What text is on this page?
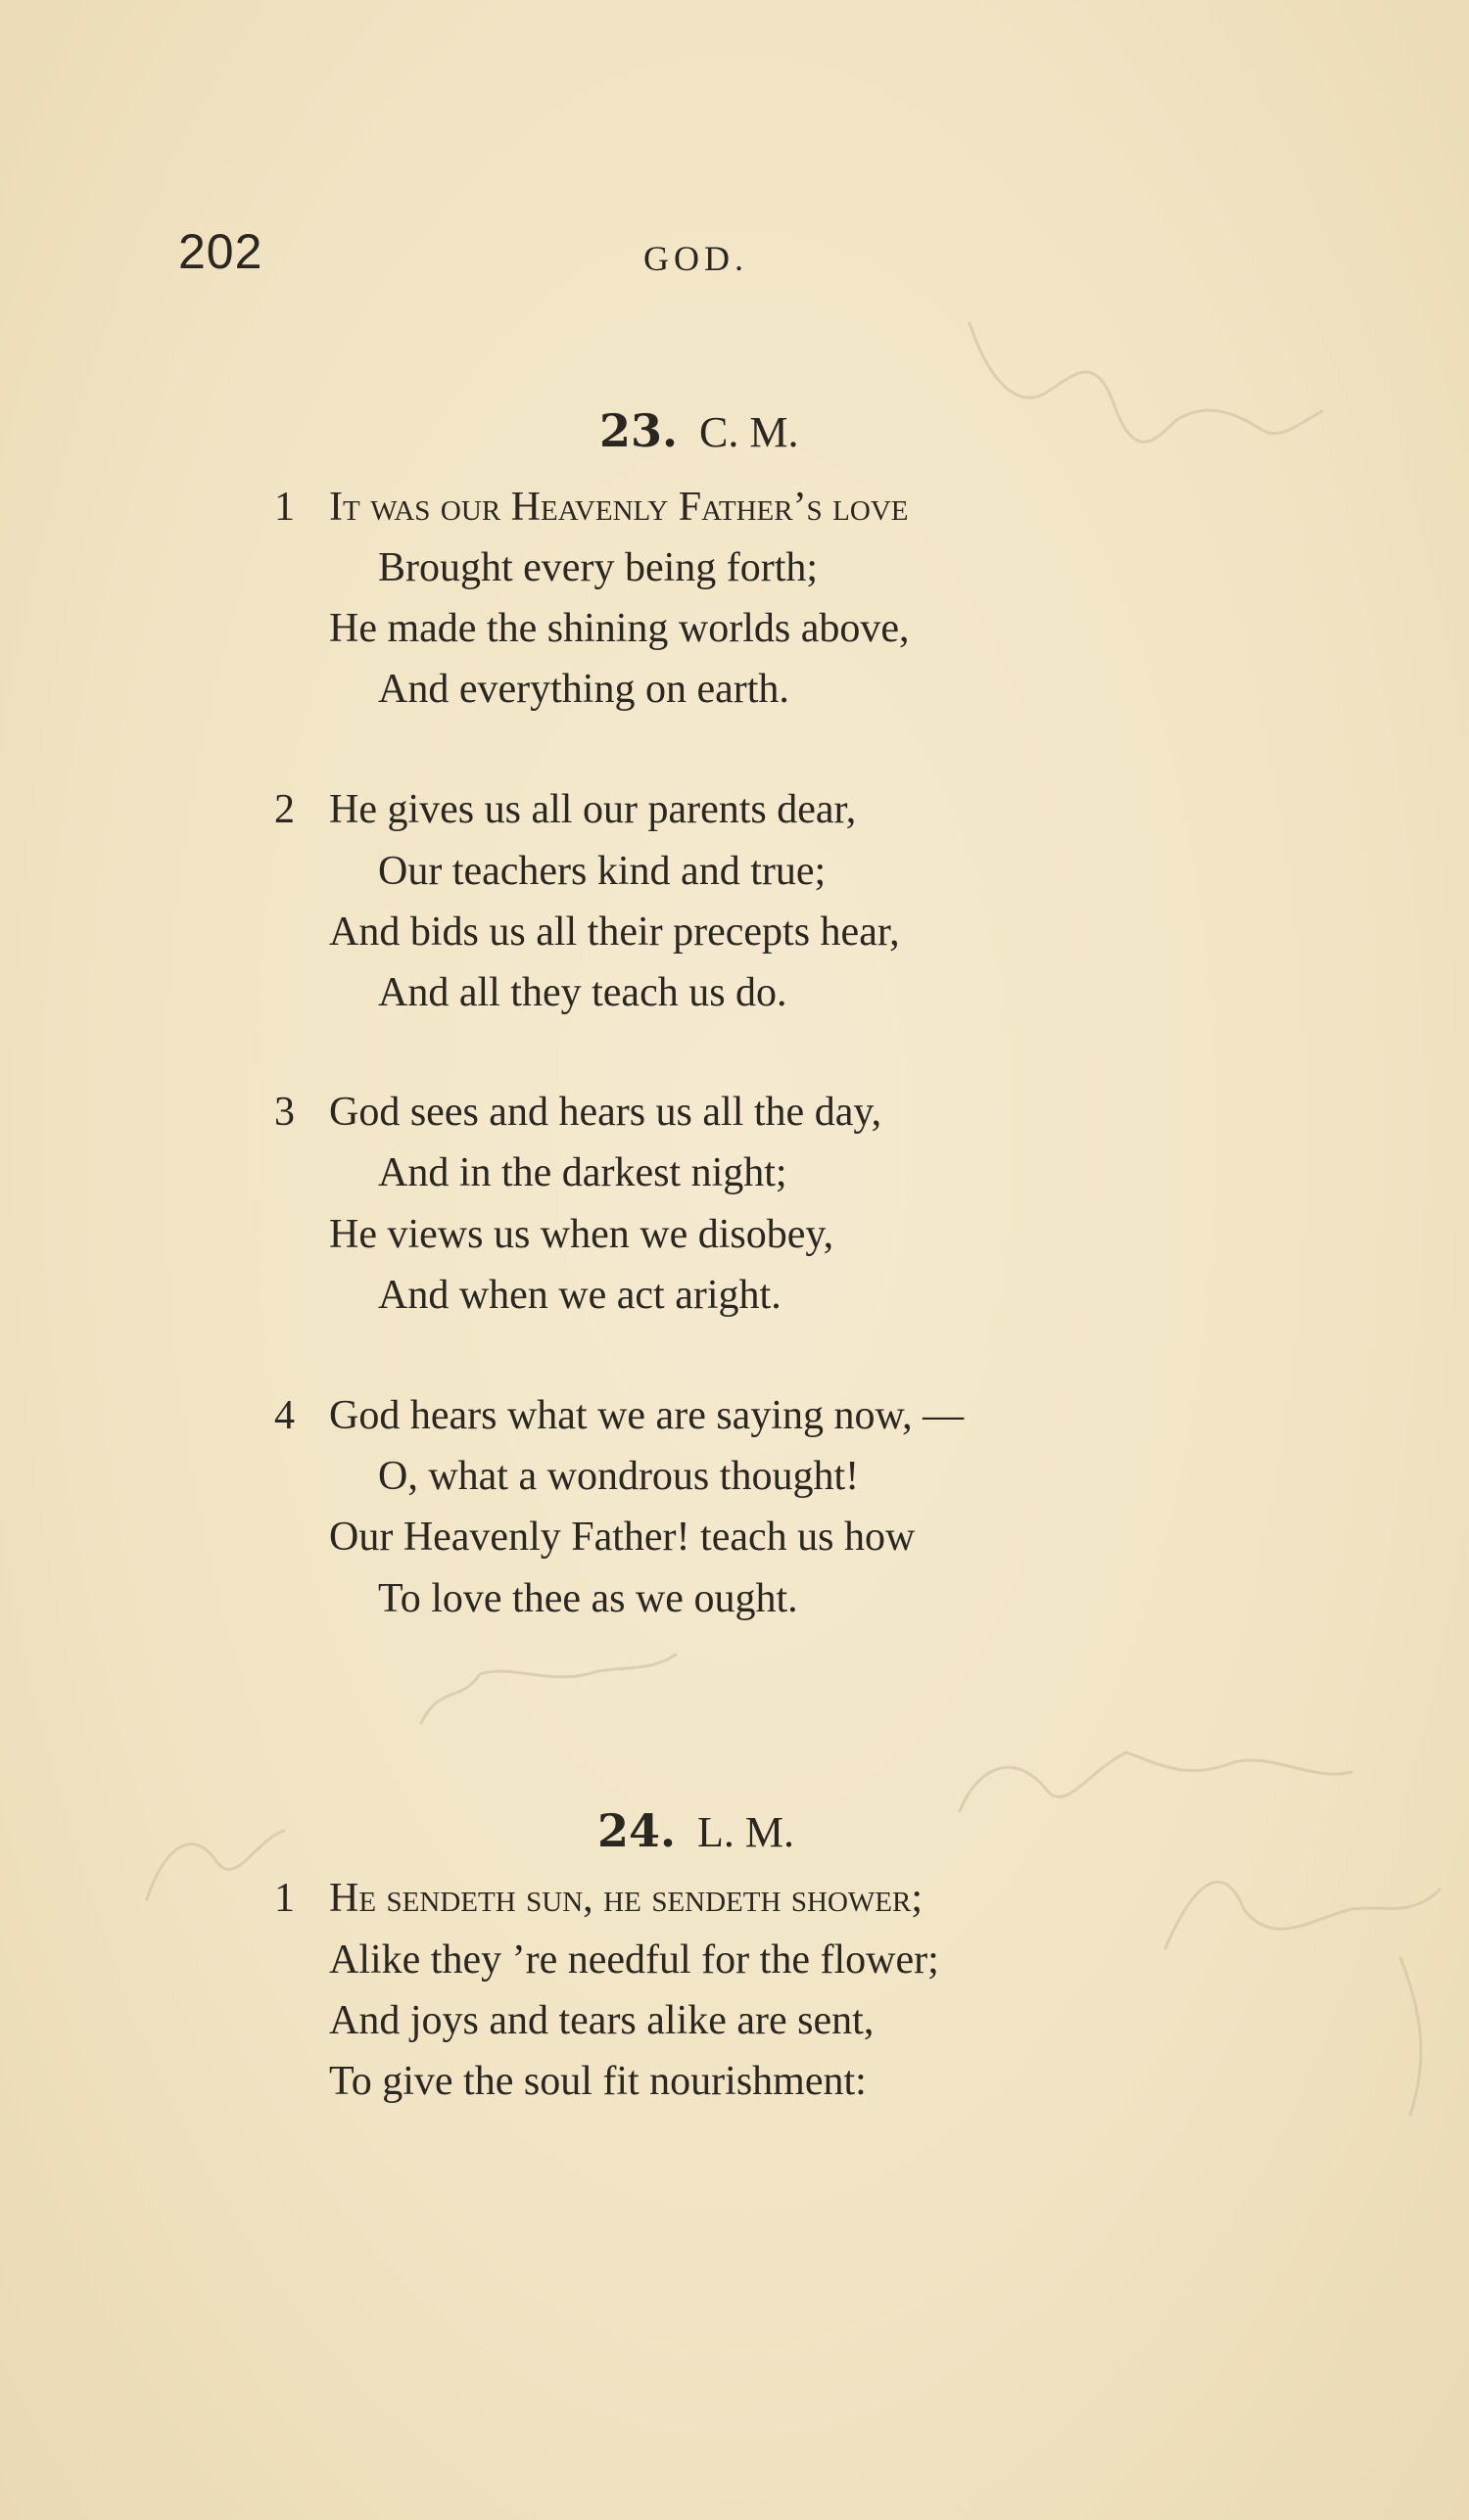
202	GOD.

23. C. M.

1 It was our Heavenly Father’s love
Brought every being forth;
He made the shining worlds above,
And everything on earth.
2 He gives us all our parents dear,
Our teachers kind and true;
And bids us all their precepts hear,
And all they teach us do.
3 God sees and hears us all the day,
And in the darkest night;
He views us when we disobey,
And when we act aright.
4 God hears what we are saying now, —
O, what a wondrous thought!
Our Heavenly Father! teach us how
To love thee as we ought.

24. L. M.

1 He sendeth sun, he sendeth shower;
Alike they ’re needful for the flower;
And joys and tears alike are sent,
To give the soul fit nourishment:
